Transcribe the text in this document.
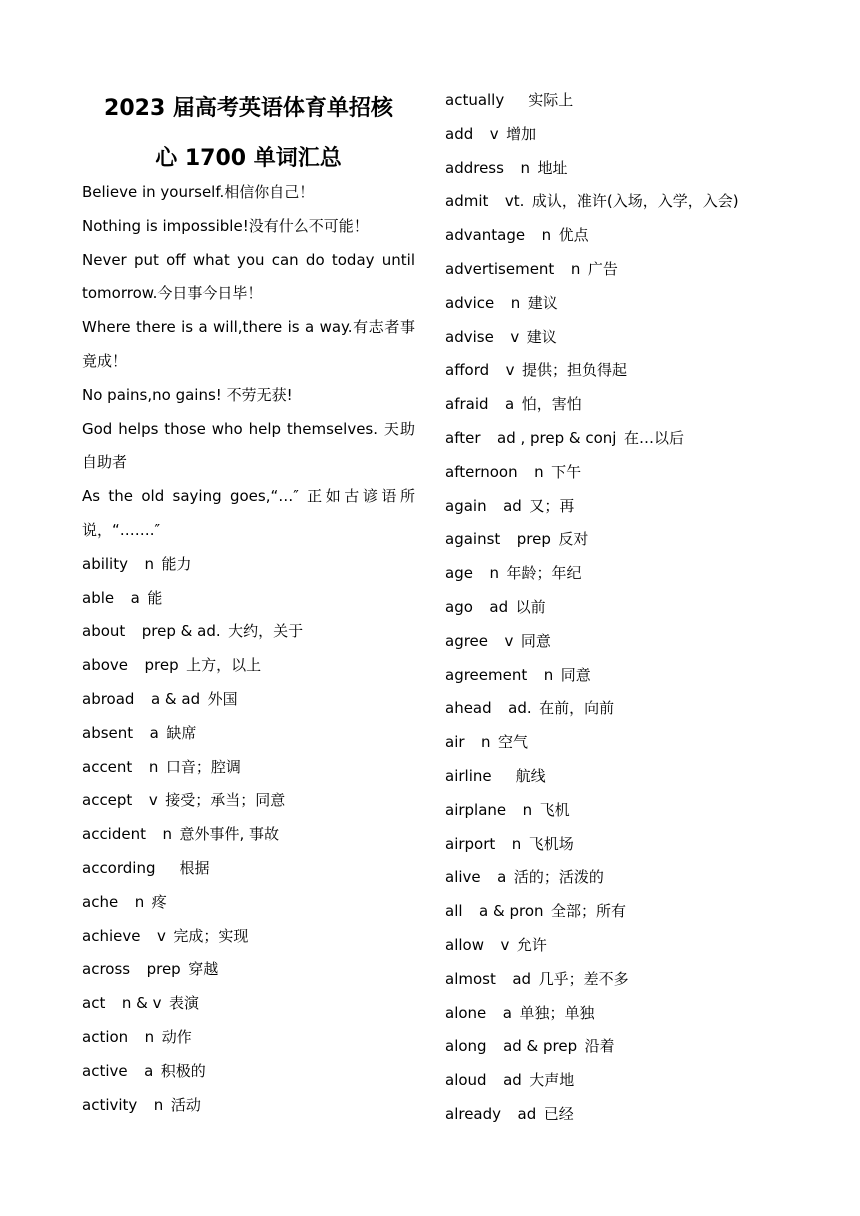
2023 届高考英语体育单招核

心 1700 单词汇总

Believe in yourself.相信你自己！

Nothing is impossible!没有什么不可能！

Never put off what you can do today until tomorrow.今日事今日毕！

Where there is a will,there is a way.有志者事竟成！

No pains,no gains! 不劳无获!

God helps those who help themselves. 天助自助者

As the old saying goes,“…″ 正如古谚语所说，“…….″

ability n 能力

able a 能

about prep & ad. 大约，关于

above prep 上方，以上

abroad a & ad 外国

absent a 缺席

accent n 口音；腔调

accept v 接受；承当；同意

accident n 意外事件, 事故

according 根据

ache n 疼

achieve v 完成；实现

across prep 穿越

act n & v 表演

action n 动作

active a 积极的

activity n 活动

actually 实际上

add v 增加

address n 地址

admit vt. 成认，准许(入场，入学，入会)

advantage n 优点

advertisement n 广告

advice n 建议

advise v 建议

afford v 提供；担负得起

afraid a 怕，害怕

after ad , prep & conj 在…以后

afternoon n 下午

again ad 又；再

against prep 反对

age n 年龄；年纪

ago ad 以前

agree v 同意

agreement n 同意

ahead ad. 在前，向前

air n 空气

airline 航线

airplane n 飞机

airport n 飞机场

alive a 活的；活泼的

all a & pron 全部；所有

allow v 允许

almost ad 几乎；差不多

alone a 单独；单独

along ad & prep 沿着

aloud ad 大声地

already ad 已经
